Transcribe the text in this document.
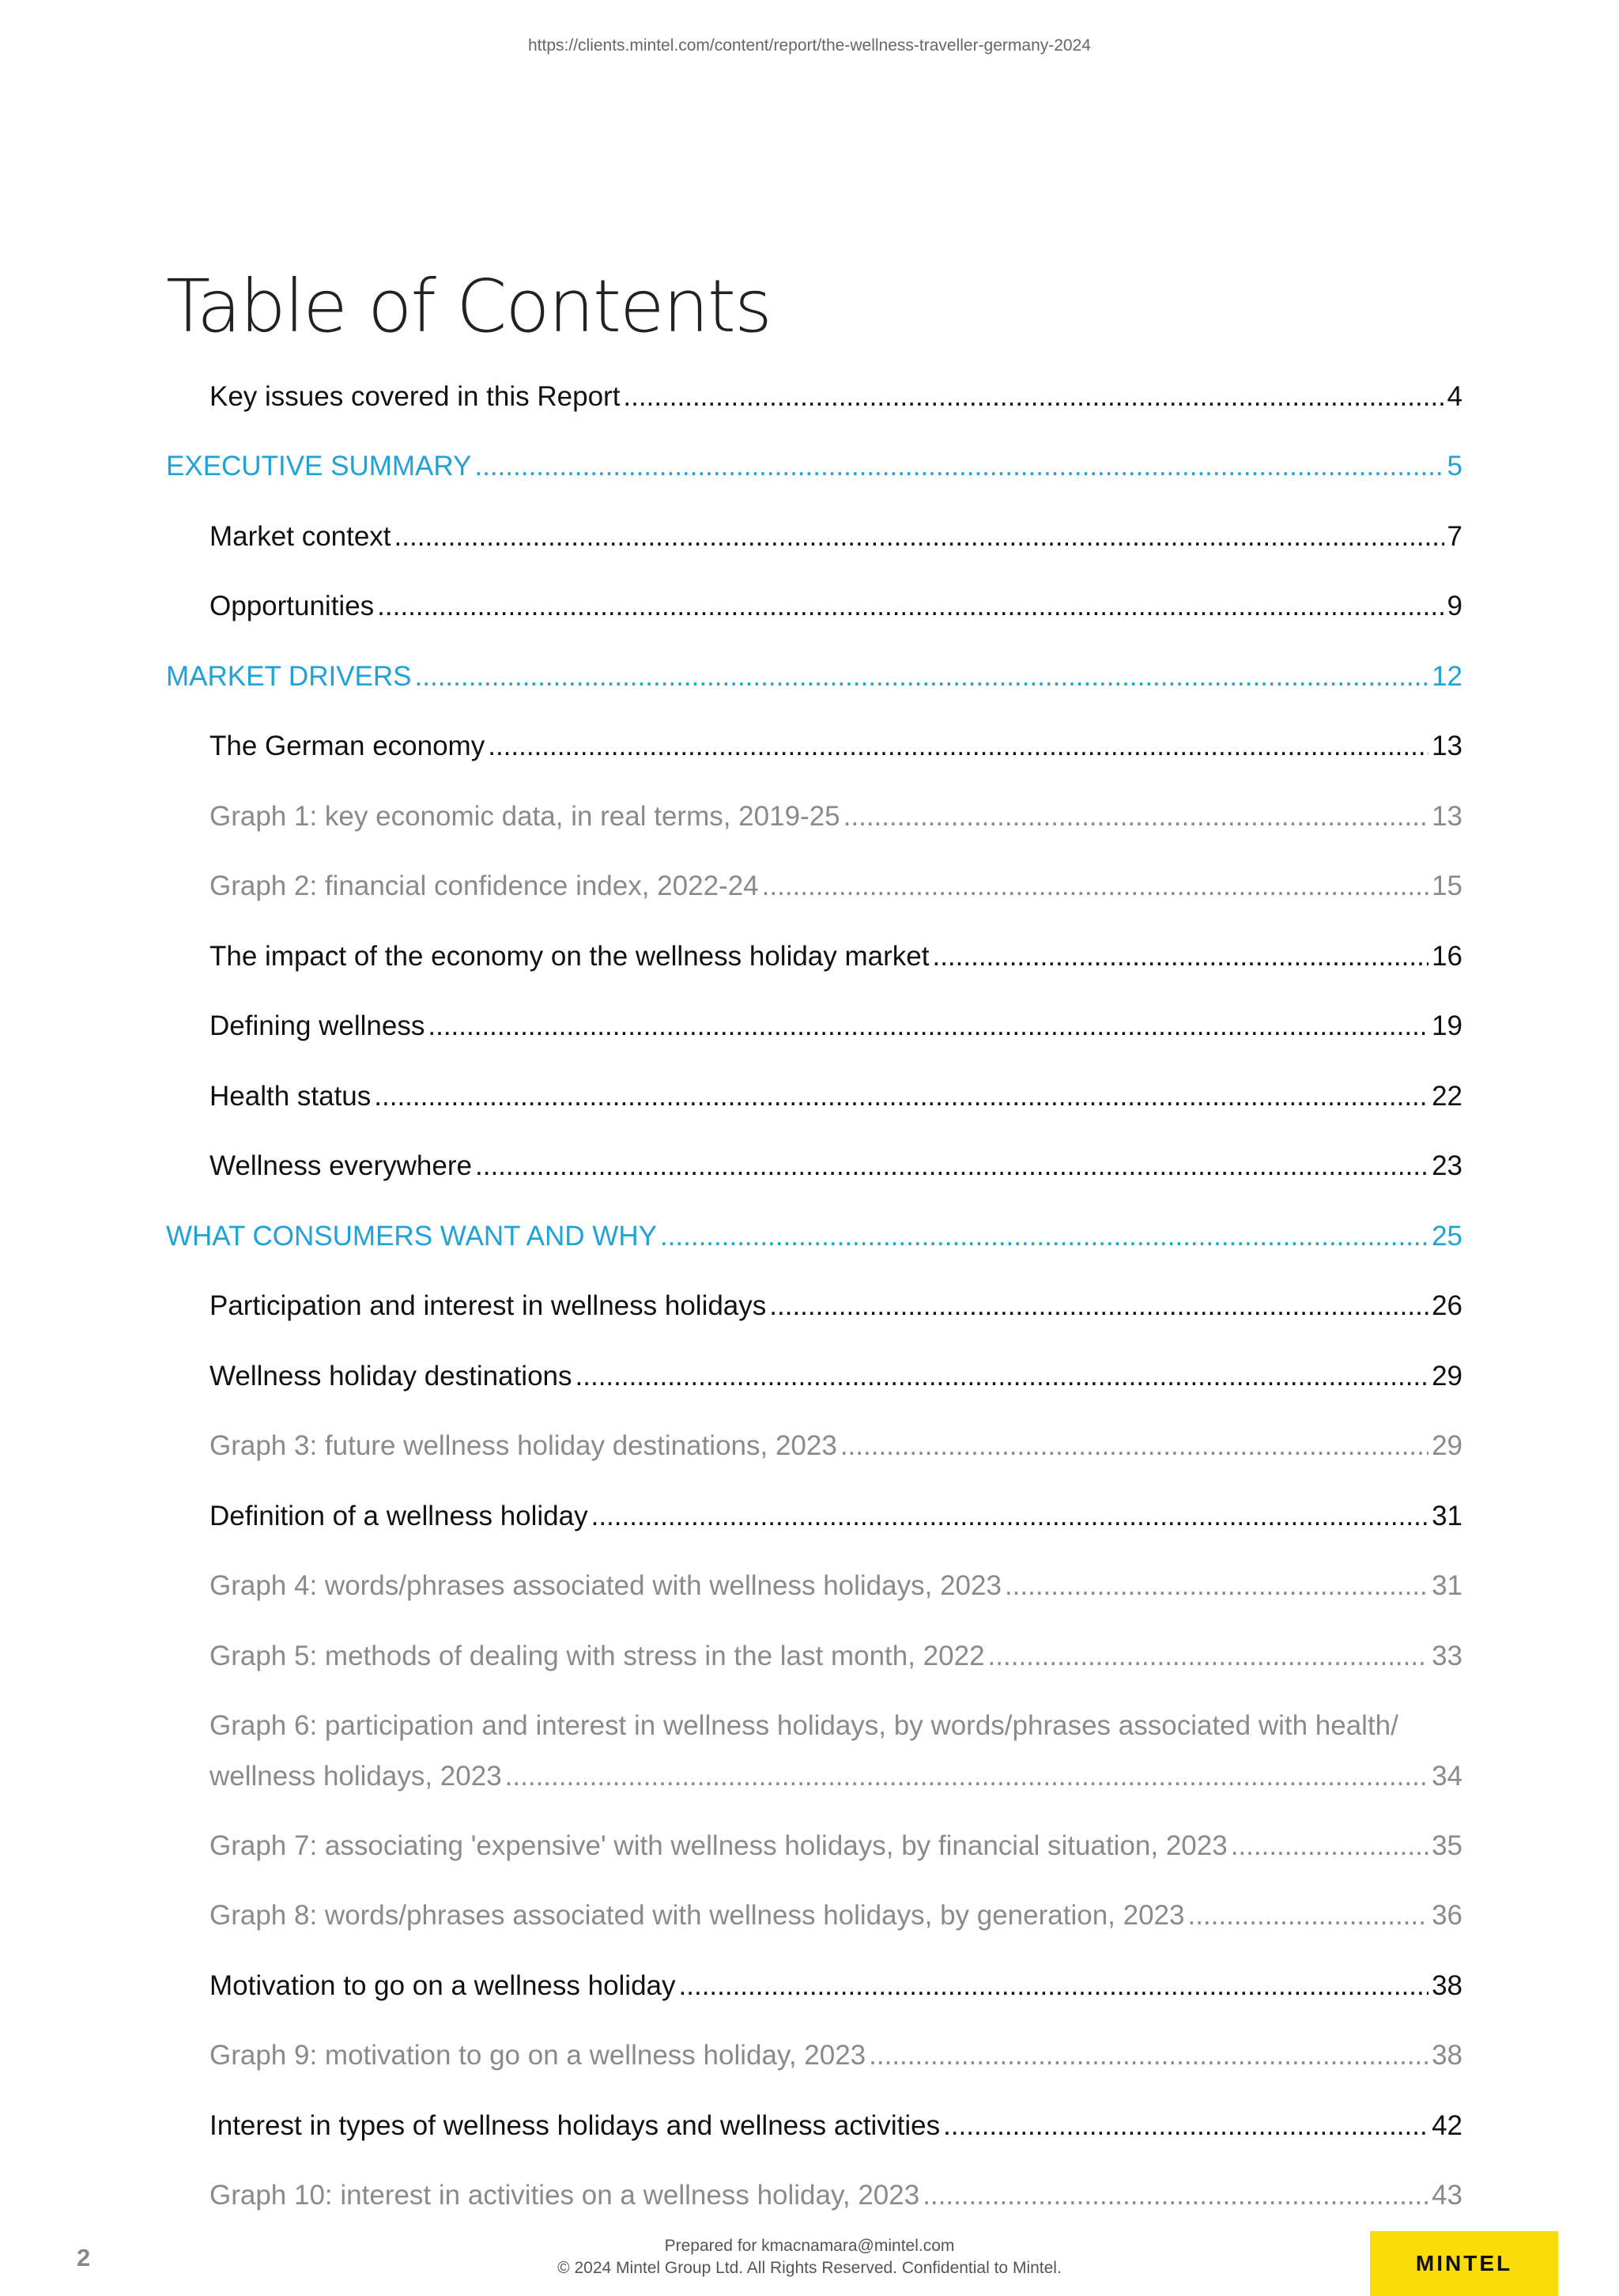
https://clients.mintel.com/content/report/the-wellness-traveller-germany-2024
Table of Contents
Key issues covered in this Report .....	4
EXECUTIVE SUMMARY .....	5
Market context .....	7
Opportunities .....	9
MARKET DRIVERS .....	12
The German economy .....	13
Graph 1: key economic data, in real terms, 2019-25 .....	13
Graph 2: financial confidence index, 2022-24 .....	15
The impact of the economy on the wellness holiday market .....	16
Defining wellness .....	19
Health status .....	22
Wellness everywhere .....	23
WHAT CONSUMERS WANT AND WHY .....	25
Participation and interest in wellness holidays .....	26
Wellness holiday destinations .....	29
Graph 3: future wellness holiday destinations, 2023 .....	29
Definition of a wellness holiday .....	31
Graph 4: words/phrases associated with wellness holidays, 2023 .....	31
Graph 5: methods of dealing with stress in the last month, 2022 .....	33
Graph 6: participation and interest in wellness holidays, by words/phrases associated with health/
wellness holidays, 2023 .....	34
Graph 7: associating 'expensive' with wellness holidays, by financial situation, 2023 .....	35
Graph 8: words/phrases associated with wellness holidays, by generation, 2023 .....	36
Motivation to go on a wellness holiday .....	38
Graph 9: motivation to go on a wellness holiday, 2023 .....	38
Interest in types of wellness holidays and wellness activities .....	42
Graph 10: interest in activities on a wellness holiday, 2023 .....	43
2	Prepared for kmacnamara@mintel.com
© 2024 Mintel Group Ltd. All Rights Reserved. Confidential to Mintel.	MINTEL
